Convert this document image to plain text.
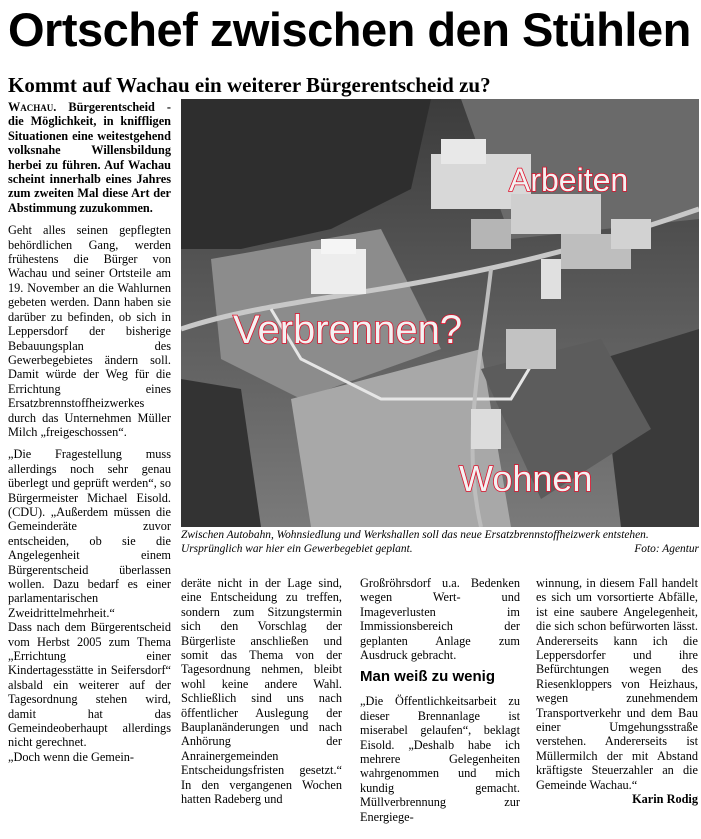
Ortschef zwischen den Stühlen
Kommt auf Wachau ein weiterer Bürgerentscheid zu?

Wachau. Bürgerentscheid - die Möglichkeit, in kniffligen Situationen eine weitestgehend volksnahe Willensbildung herbei zu führen. Auf Wachau scheint innerhalb eines Jahres zum zweiten Mal diese Art der Abstimmung zuzukommen.

Geht alles seinen gepflegten behördlichen Gang, werden frühestens die Bürger von Wachau und seiner Ortsteile am 19. November an die Wahlurnen gebeten werden. Dann haben sie darüber zu befinden, ob sich in Leppersdorf der bisherige Bebauungsplan des Gewerbegebietes ändern soll. Damit würde der Weg für die Errichtung eines Ersatzbrennstoffheizwerkes durch das Unternehmen Müller Milch „freigeschossen“.

„Die Fragestellung muss allerdings noch sehr genau überlegt und geprüft werden“, so Bürgermeister Michael Eisold. (CDU). „Außerdem müssen die Gemeinderäte zuvor entscheiden, ob sie die Angelegenheit einem Bürgerentscheid überlassen wollen. Dazu bedarf es einer parlamentarischen Zweidrittelmehrheit.“

Dass nach dem Bürgerentscheid vom Herbst 2005 zum Thema „Errichtung einer Kindertagesstätte in Seifersdorf“ alsbald ein weiterer auf der Tagesordnung stehen wird, damit hat das Gemeindeoberhaupt allerdings nicht gerechnet.

„Doch wenn die Gemein-

Arbeiten
Verbrennen?
Wohnen
Zwischen Autobahn, Wohnsiedlung und Werkshallen soll das neue Ersatzbrennstoffheizwerk entstehen. Ursprünglich war hier ein Gewerbegebiet geplant.	Foto: Agentur

deräte nicht in der Lage sind, eine Entscheidung zu treffen, sondern zum Sitzungstermin sich den Vorschlag der Bürgerliste anschließen und somit das Thema von der Tagesordnung nehmen, bleibt wohl keine andere Wahl. Schließlich sind uns nach öffentlicher Auslegung der Bauplanänderungen und nach Anhörung der Anrainergemeinden Entscheidungsfristen gesetzt.“ In den vergangenen Wochen hatten Radeberg und

Großröhrsdorf u.a. Bedenken wegen Wert- und Imageverlusten im Immissionsbereich der geplanten Anlage zum Ausdruck gebracht.

Man weiß zu wenig

„Die Öffentlichkeitsarbeit zu dieser Brennanlage ist miserabel gelaufen“, beklagt Eisold. „Deshalb habe ich mehrere Gelegenheiten wahrgenommen und mich kundig gemacht. Müllverbrennung zur Energiege-

winnung, in diesem Fall handelt es sich um vorsortierte Abfälle, ist eine saubere Angelegenheit, die sich schon befürworten lässt. Andererseits kann ich die Leppersdorfer und ihre Befürchtungen wegen des Riesenkloppers von Heizhaus, wegen zunehmendem Transportverkehr und dem Bau einer Umgehungsstraße verstehen. Andererseits ist Müllermilch der mit Abstand kräftigste Steuerzahler an die Gemeinde Wachau.“
Karin Rodig
